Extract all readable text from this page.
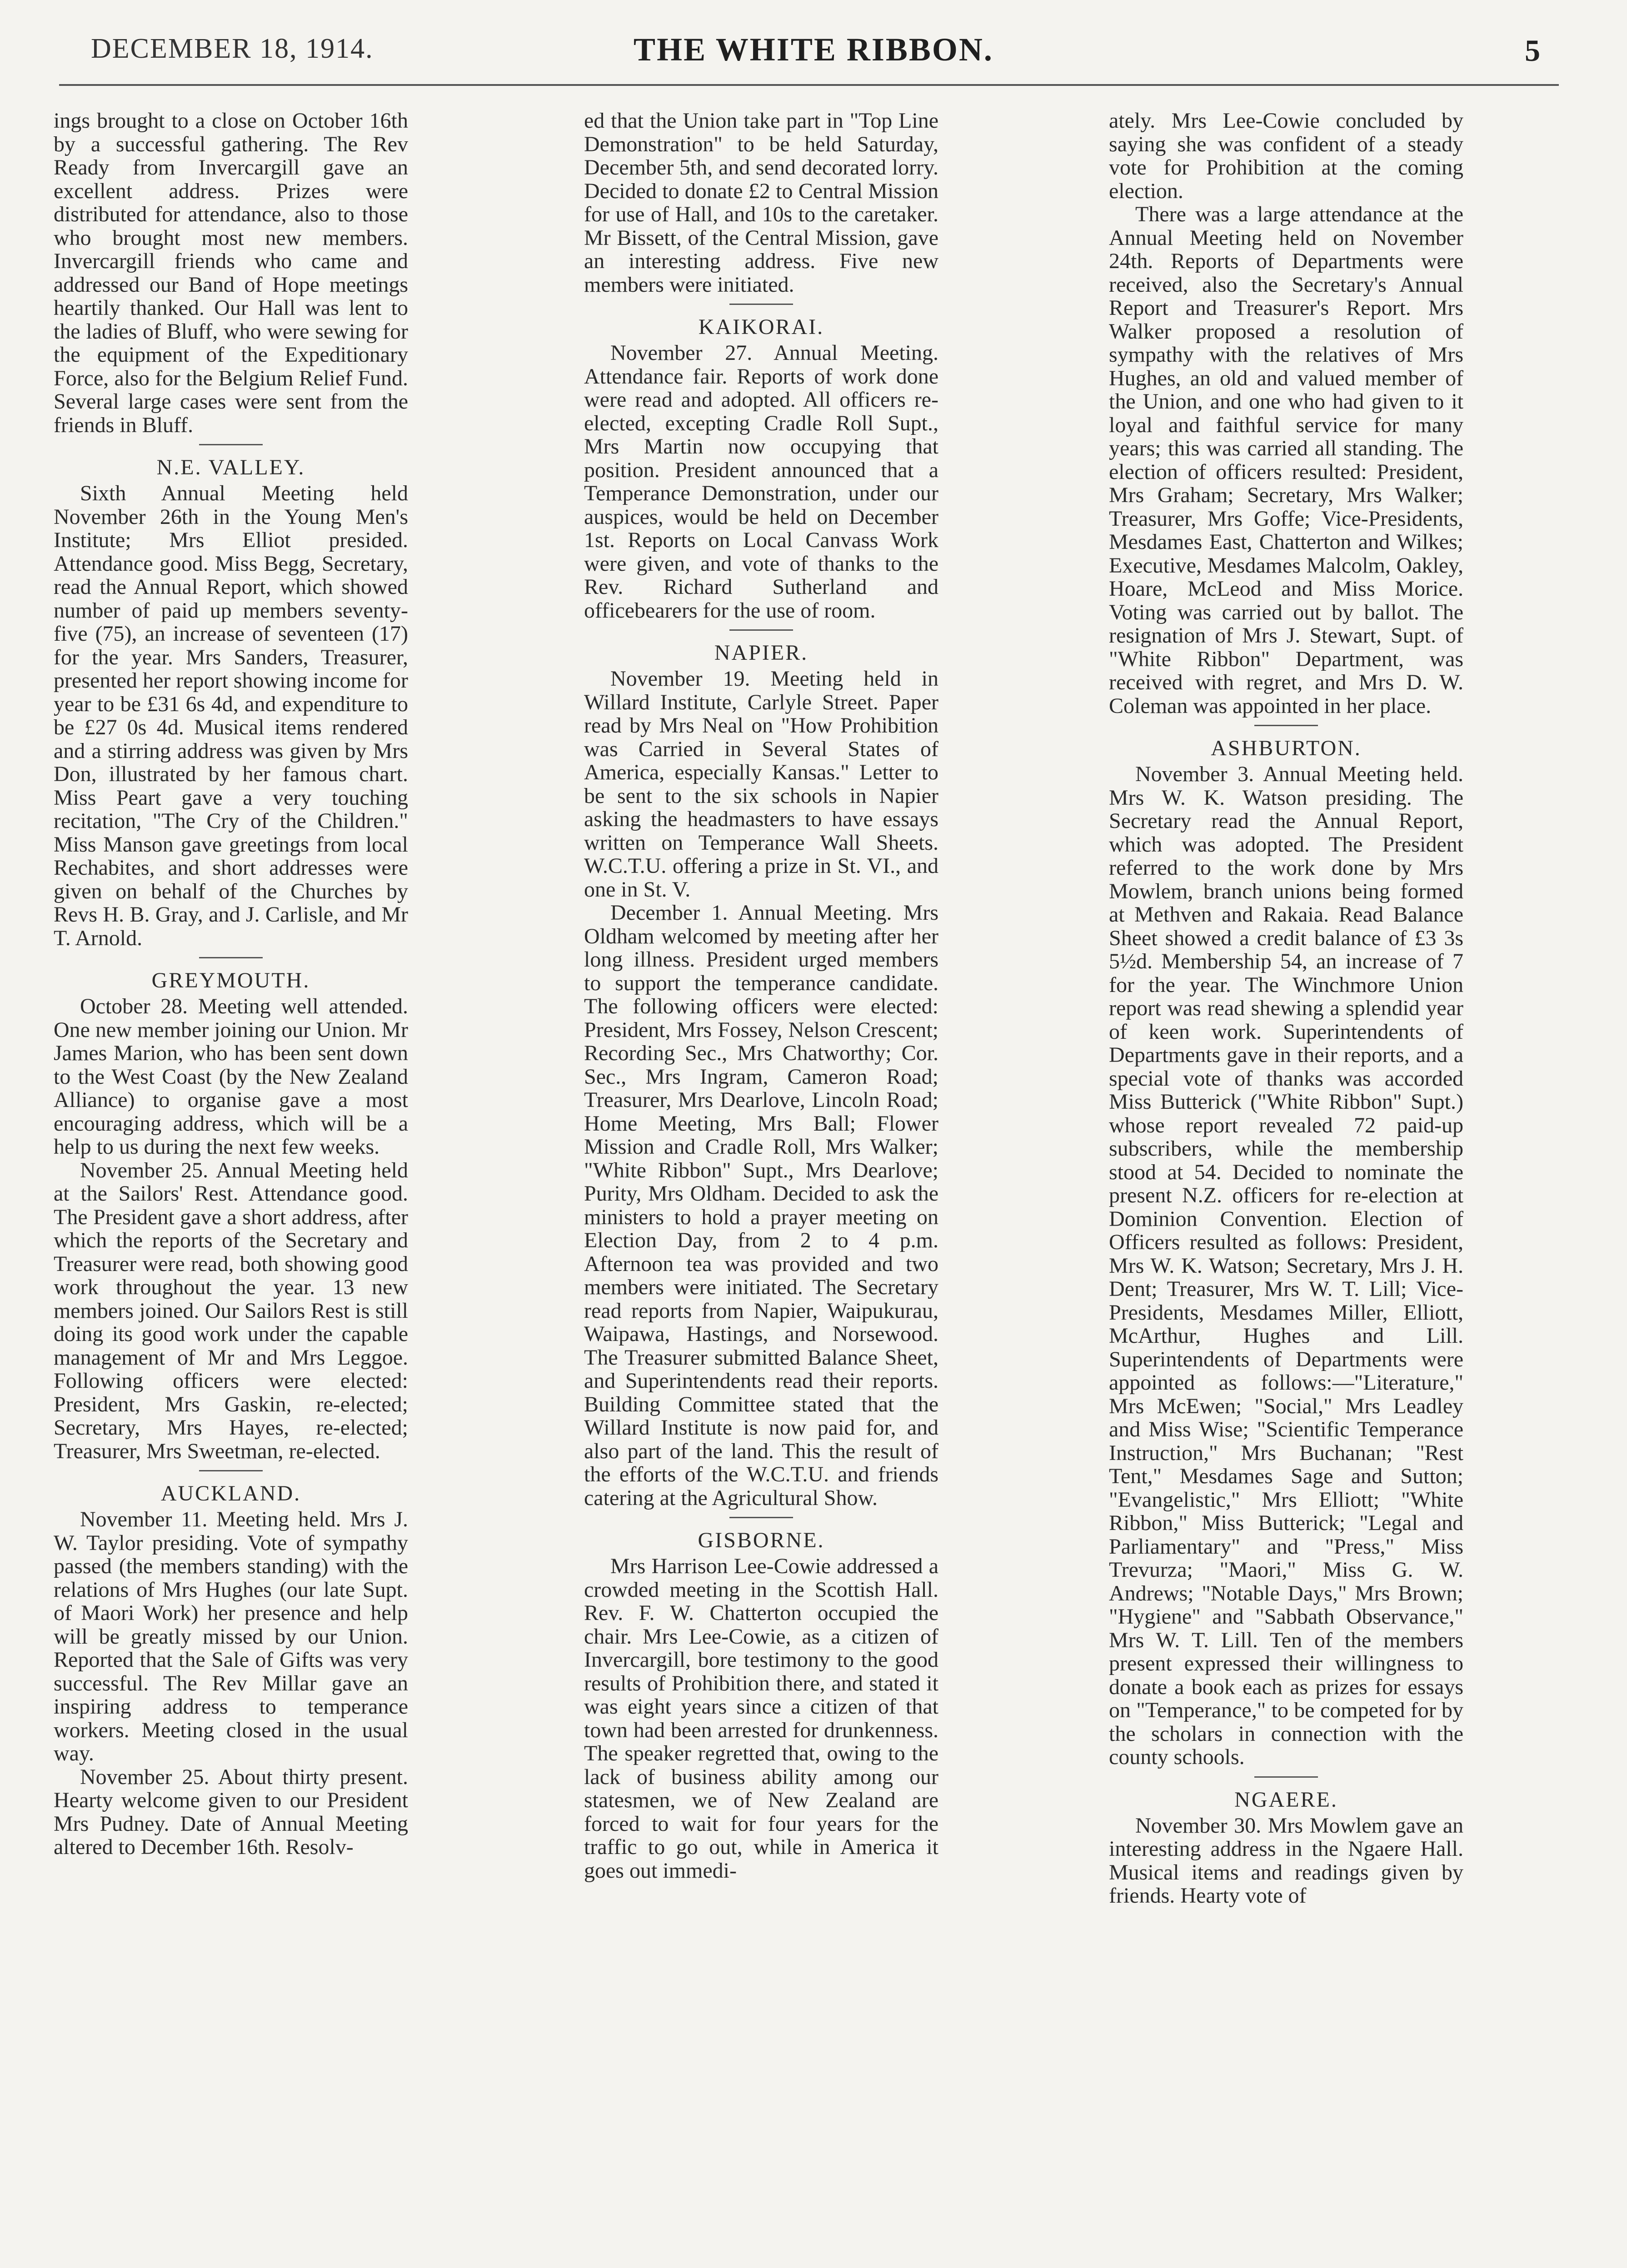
DECEMBER 18, 1914.	THE WHITE RIBBON.	5

ings brought to a close on October 16th by a successful gathering. The Rev Ready from Invercargill gave an excellent address. Prizes were distributed for attendance, also to those who brought most new members. Invercargill friends who came and addressed our Band of Hope meetings heartily thanked. Our Hall was lent to the ladies of Bluff, who were sewing for the equipment of the Expeditionary Force, also for the Belgium Relief Fund. Several large cases were sent from the friends in Bluff.

N.E. VALLEY.

Sixth Annual Meeting held November 26th in the Young Men's Institute; Mrs Elliot presided. Attendance good. Miss Begg, Secretary, read the Annual Report, which showed number of paid up members seventy-five (75), an increase of seventeen (17) for the year. Mrs Sanders, Treasurer, presented her report showing income for year to be £31 6s 4d, and expenditure to be £27 0s 4d. Musical items rendered and a stirring address was given by Mrs Don, illustrated by her famous chart. Miss Peart gave a very touching recitation, "The Cry of the Children." Miss Manson gave greetings from local Rechabites, and short addresses were given on behalf of the Churches by Revs H. B. Gray, and J. Carlisle, and Mr T. Arnold.

GREYMOUTH.

October 28. Meeting well attended. One new member joining our Union. Mr James Marion, who has been sent down to the West Coast (by the New Zealand Alliance) to organise gave a most encouraging address, which will be a help to us during the next few weeks.

November 25. Annual Meeting held at the Sailors' Rest. Attendance good. The President gave a short address, after which the reports of the Secretary and Treasurer were read, both showing good work throughout the year. 13 new members joined. Our Sailors Rest is still doing its good work under the capable management of Mr and Mrs Leggoe. Following officers were elected: President, Mrs Gaskin, re-elected; Secretary, Mrs Hayes, re-elected; Treasurer, Mrs Sweetman, re-elected.

AUCKLAND.

November 11. Meeting held. Mrs J. W. Taylor presiding. Vote of sympathy passed (the members standing) with the relations of Mrs Hughes (our late Supt. of Maori Work) her presence and help will be greatly missed by our Union. Reported that the Sale of Gifts was very successful. The Rev Millar gave an inspiring address to temperance workers. Meeting closed in the usual way.

November 25. About thirty present. Hearty welcome given to our President Mrs Pudney. Date of Annual Meeting altered to December 16th. Resolv-

ed that the Union take part in "Top Line Demonstration" to be held Saturday, December 5th, and send decorated lorry. Decided to donate £2 to Central Mission for use of Hall, and 10s to the caretaker. Mr Bissett, of the Central Mission, gave an interesting address. Five new members were initiated.

KAIKORAI.

November 27. Annual Meeting. Attendance fair. Reports of work done were read and adopted. All officers re-elected, excepting Cradle Roll Supt., Mrs Martin now occupying that position. President announced that a Temperance Demonstration, under our auspices, would be held on December 1st. Reports on Local Canvass Work were given, and vote of thanks to the Rev. Richard Sutherland and officebearers for the use of room.

NAPIER.

November 19. Meeting held in Willard Institute, Carlyle Street. Paper read by Mrs Neal on "How Prohibition was Carried in Several States of America, especially Kansas." Letter to be sent to the six schools in Napier asking the headmasters to have essays written on Temperance Wall Sheets. W.C.T.U. offering a prize in St. VI., and one in St. V.

December 1. Annual Meeting. Mrs Oldham welcomed by meeting after her long illness. President urged members to support the temperance candidate. The following officers were elected: President, Mrs Fossey, Nelson Crescent; Recording Sec., Mrs Chatworthy; Cor. Sec., Mrs Ingram, Cameron Road; Treasurer, Mrs Dearlove, Lincoln Road; Home Meeting, Mrs Ball; Flower Mission and Cradle Roll, Mrs Walker; "White Ribbon" Supt., Mrs Dearlove; Purity, Mrs Oldham. Decided to ask the ministers to hold a prayer meeting on Election Day, from 2 to 4 p.m. Afternoon tea was provided and two members were initiated. The Secretary read reports from Napier, Waipukurau, Waipawa, Hastings, and Norsewood. The Treasurer submitted Balance Sheet, and Superintendents read their reports. Building Committee stated that the Willard Institute is now paid for, and also part of the land. This the result of the efforts of the W.C.T.U. and friends catering at the Agricultural Show.

GISBORNE.

Mrs Harrison Lee-Cowie addressed a crowded meeting in the Scottish Hall. Rev. F. W. Chatterton occupied the chair. Mrs Lee-Cowie, as a citizen of Invercargill, bore testimony to the good results of Prohibition there, and stated it was eight years since a citizen of that town had been arrested for drunkenness. The speaker regretted that, owing to the lack of business ability among our statesmen, we of New Zealand are forced to wait for four years for the traffic to go out, while in America it goes out immedi-

ately. Mrs Lee-Cowie concluded by saying she was confident of a steady vote for Prohibition at the coming election.

There was a large attendance at the Annual Meeting held on November 24th. Reports of Departments were received, also the Secretary's Annual Report and Treasurer's Report. Mrs Walker proposed a resolution of sympathy with the relatives of Mrs Hughes, an old and valued member of the Union, and one who had given to it loyal and faithful service for many years; this was carried all standing. The election of officers resulted: President, Mrs Graham; Secretary, Mrs Walker; Treasurer, Mrs Goffe; Vice-Presidents, Mesdames East, Chatterton and Wilkes; Executive, Mesdames Malcolm, Oakley, Hoare, McLeod and Miss Morice. Voting was carried out by ballot. The resignation of Mrs J. Stewart, Supt. of "White Ribbon" Department, was received with regret, and Mrs D. W. Coleman was appointed in her place.

ASHBURTON.

November 3. Annual Meeting held. Mrs W. K. Watson presiding. The Secretary read the Annual Report, which was adopted. The President referred to the work done by Mrs Mowlem, branch unions being formed at Methven and Rakaia. Read Balance Sheet showed a credit balance of £3 3s 5½d. Membership 54, an increase of 7 for the year. The Winchmore Union report was read shewing a splendid year of keen work. Superintendents of Departments gave in their reports, and a special vote of thanks was accorded Miss Butterick ("White Ribbon" Supt.) whose report revealed 72 paid-up subscribers, while the membership stood at 54. Decided to nominate the present N.Z. officers for re-election at Dominion Convention. Election of Officers resulted as follows: President, Mrs W. K. Watson; Secretary, Mrs J. H. Dent; Treasurer, Mrs W. T. Lill; Vice-Presidents, Mesdames Miller, Elliott, McArthur, Hughes and Lill. Superintendents of Departments were appointed as follows:—"Literature," Mrs McEwen; "Social," Mrs Leadley and Miss Wise; "Scientific Temperance Instruction," Mrs Buchanan; "Rest Tent," Mesdames Sage and Sutton; "Evangelistic," Mrs Elliott; "White Ribbon," Miss Butterick; "Legal and Parliamentary" and "Press," Miss Trevurza; "Maori," Miss G. W. Andrews; "Notable Days," Mrs Brown; "Hygiene" and "Sabbath Observance," Mrs W. T. Lill. Ten of the members present expressed their willingness to donate a book each as prizes for essays on "Temperance," to be competed for by the scholars in connection with the county schools.

NGAERE.

November 30. Mrs Mowlem gave an interesting address in the Ngaere Hall. Musical items and readings given by friends. Hearty vote of
